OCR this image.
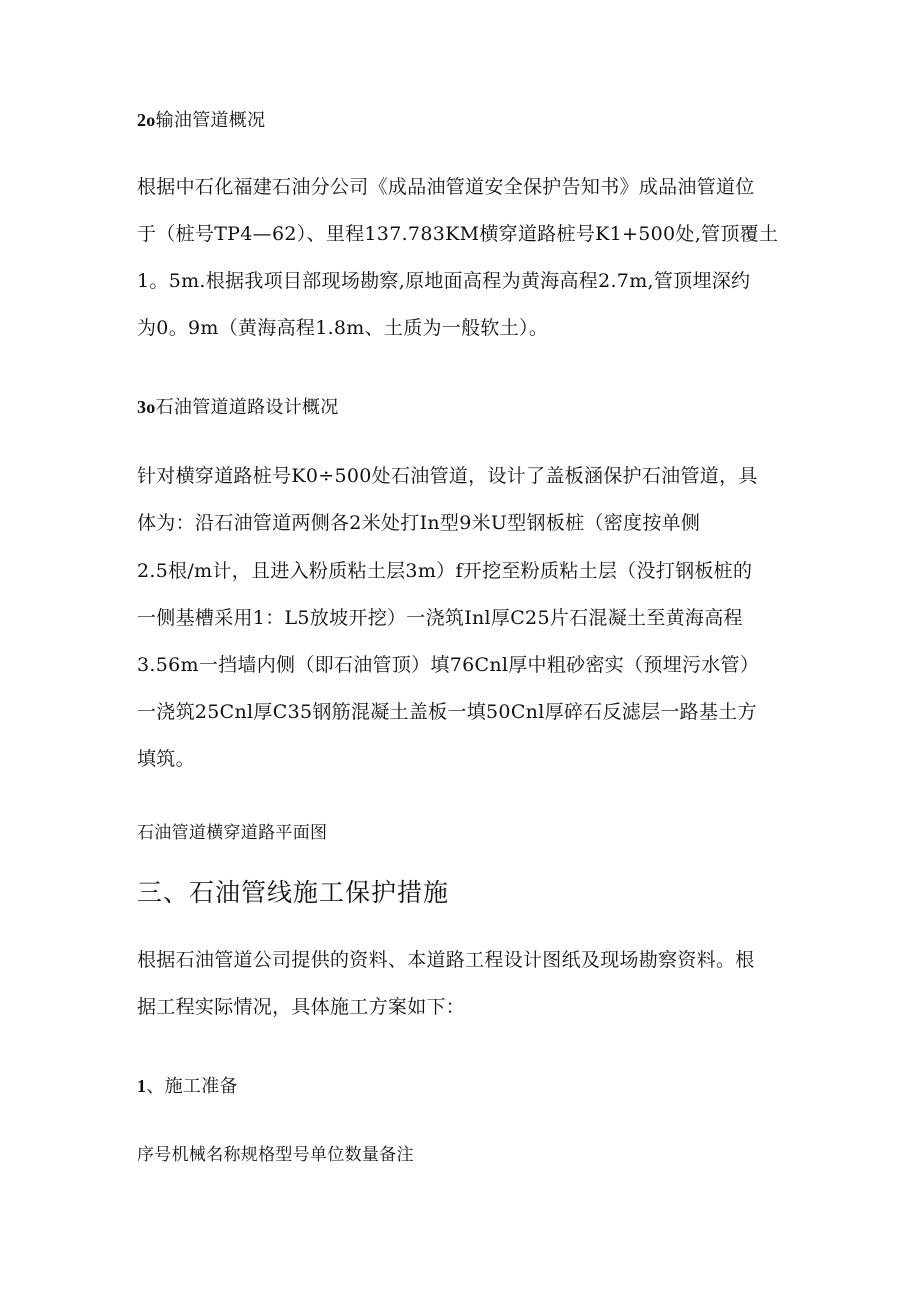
2o输油管道概况
根据中石化福建石油分公司《成品油管道安全保护告知书》成品油管道位
于（桩号TP4—62）、里程137.783KM横穿道路桩号K1+500处,管顶覆土
1。5m.根据我项目部现场勘察,原地面高程为黄海高程2.7m,管顶埋深约
为0。9m（黄海高程1.8m、土质为一般软土）。
3o石油管道道路设计概况
针对横穿道路桩号K0÷500处石油管道，设计了盖板涵保护石油管道，具
体为：沿石油管道两侧各2米处打In型9米U型钢板桩（密度按单侧
2.5根/m计，且进入粉质粘土层3m）f开挖至粉质粘土层（没打钢板桩的
一侧基槽采用1：L5放坡开挖）一浇筑Inl厚C25片石混凝土至黄海高程
3.56m一挡墙内侧（即石油管顶）填76Cnl厚中粗砂密实（预埋污水管）
一浇筑25Cnl厚C35钢筋混凝土盖板一填50Cnl厚碎石反滤层一路基土方
填筑。
石油管道横穿道路平面图
三、石油管线施工保护措施
根据石油管道公司提供的资料、本道路工程设计图纸及现场勘察资料。根
据工程实际情况，具体施工方案如下：
1、施工准备
序号机械名称规格型号单位数量备注
